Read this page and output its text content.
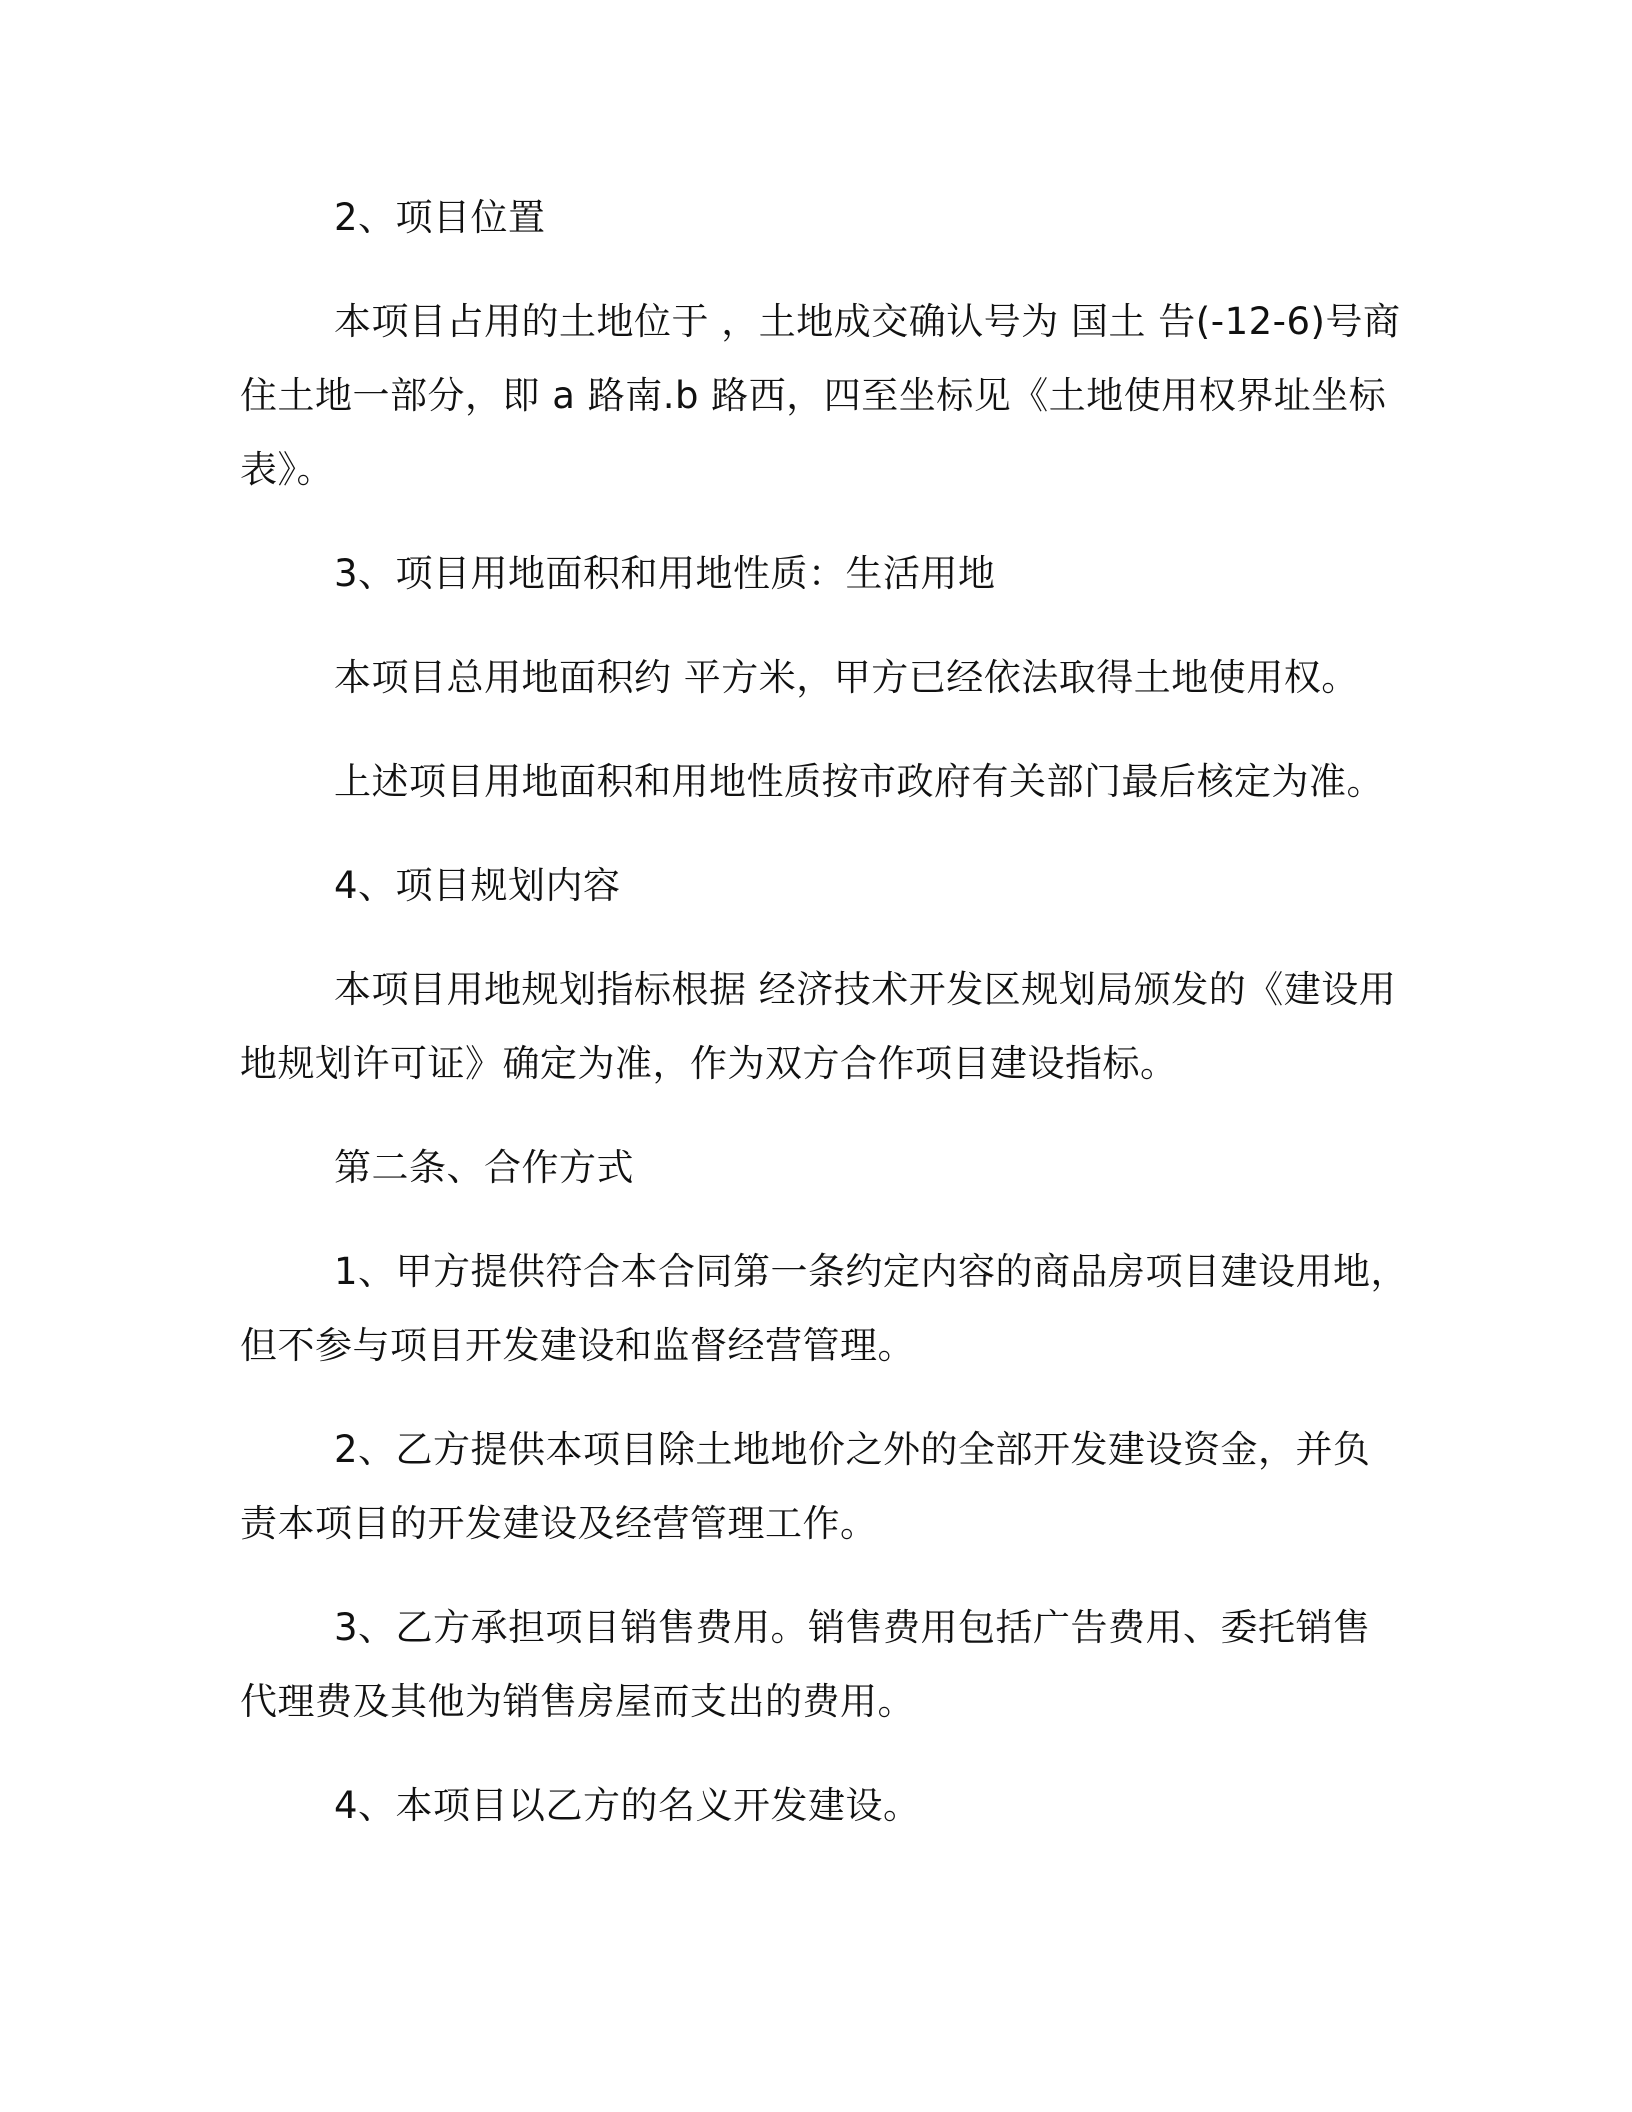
2、项目位置
本项目占用的土地位于 ，土地成交确认号为 国土 告(-12-6)号商
住土地一部分，即 a 路南.b 路西，四至坐标见《土地使用权界址坐标
表》。
3、项目用地面积和用地性质：生活用地
本项目总用地面积约 平方米，甲方已经依法取得土地使用权。
上述项目用地面积和用地性质按市政府有关部门最后核定为准。
4、项目规划内容
本项目用地规划指标根据 经济技术开发区规划局颁发的《建设用
地规划许可证》确定为准，作为双方合作项目建设指标。
第二条、合作方式
1、甲方提供符合本合同第一条约定内容的商品房项目建设用地，
但不参与项目开发建设和监督经营管理。
2、乙方提供本项目除土地地价之外的全部开发建设资金，并负
责本项目的开发建设及经营管理工作。
3、乙方承担项目销售费用。销售费用包括广告费用、委托销售
代理费及其他为销售房屋而支出的费用。
4、本项目以乙方的名义开发建设。
